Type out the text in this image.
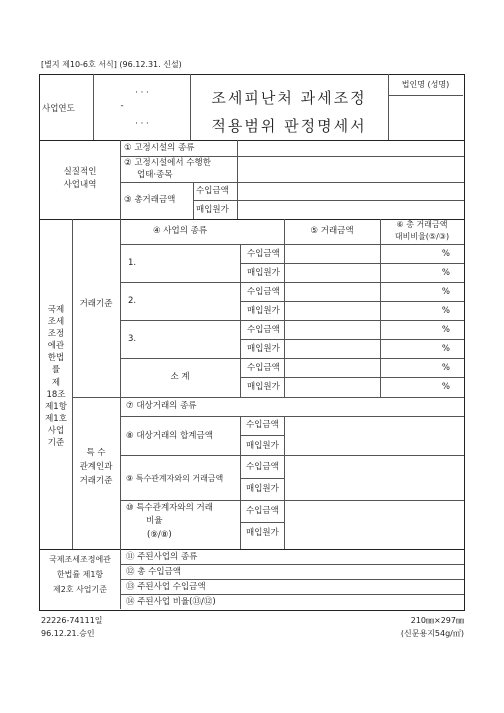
[별지 제10-6호 서식] (96.12.31. 신설)
사업연도
· · ·
-
· · ·
조세피난처 과세조정
적용범위 판정명세서
법인명 (성명)
실질적인
사업내역
① 고정시설의 종류
② 고정시설에서 수행한
업태·종목
③ 총거래금액
수입금액
매입원가
국제
조세
조정
에관
한법
률
제
18조
제1항
제1호
사업
기준
거래기준
④ 사업의 종류	⑤ 거래금액
⑥ 총 거래금액
대비비율(⑤/③)
1.
수입금액
매입원가
%
%
2.
수입금액
매입원가
%
%
3.
수입금액
매입원가
%
%
소 계
수입금액
매입원가
%
%
특 수
관계인과
거래기준
⑦ 대상거래의 종류
⑧ 대상거래의 합계금액
⑨ 특수관계자와의 거래금액
⑩ 특수관계자와의 거래
비율
(⑨/⑧)
수입금액
매입원가
수입금액
매입원가
수입금액
매입원가
국제조세조정에관
한법률 제1항
제2호 사업기준
⑪ 주된사업의 종류
⑫ 총 수입금액
⑬ 주된사업 수입금액
⑭ 주된사업 비율(⑬/⑫)
22226-74111일
96.12.21.승인
210㎜×297㎜
(신문용지54g/㎡)
